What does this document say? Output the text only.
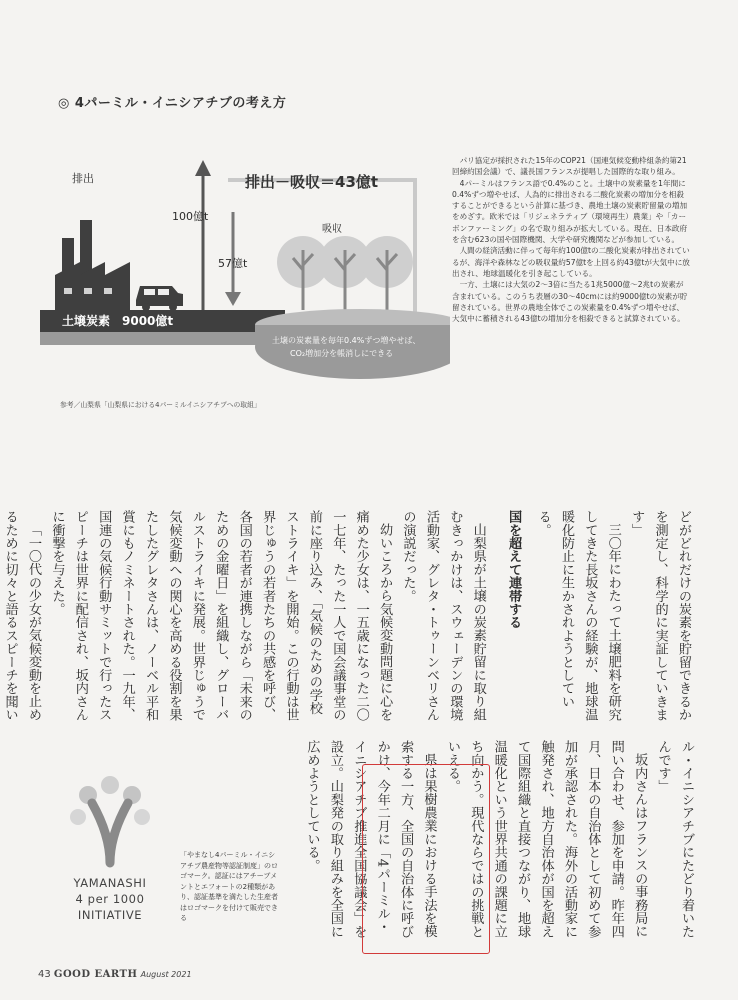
◎ 4パーミル・イニシアチブの考え方
排出
吸収
100億t
57億t
排出－吸収＝43億t
土壌炭素　9000億t
土壌の炭素量を毎年0.4%ずつ増やせば、
CO₂増加分を帳消しにできる
参考／山梨県「山梨県における4パーミルイニシアチブへの取組」

パリ協定が採択された15年のCOP21（国連気候変動枠組条約第21回締約国会議）で、議長国フランスが提唱した国際的な取り組み。

4パーミルはフランス語で0.4%のこと。土壌中の炭素量を1年間に0.4%ずつ増やせば、人為的に排出される二酸化炭素の増加分を相殺することができるという計算に基づき、農地土壌の炭素貯留量の増加をめざす。欧米では「リジェネラティブ（環境再生）農業」や「カーボンファーミング」の名で取り組みが拡大している。現在、日本政府を含む623の国や国際機関、大学や研究機関などが参加している。

人間の経済活動に伴って毎年約100億tの二酸化炭素が排出されているが、海洋や森林などの吸収量約57億tを上回る約43億tが大気中に放出され、地球温暖化を引き起こしている。

一方、土壌には大気の2～3倍に当たる1兆5000億～2兆tの炭素が含まれている。このうち表層の30～40cmには約9000億tの炭素が貯留されている。世界の農地全体でこの炭素量を0.4%ずつ増やせば、大気中に蓄積される43億tの増加分を相殺できると試算されている。

どがどれだけの炭素を貯留できるかを測定し、科学的に実証していきます」

三〇年にわたって土壌肥料を研究してきた長坂さんの経験が、地球温暖化防止に生かされようとしている。

国を超えて連帯する

山梨県が土壌の炭素貯留に取り組むきっかけは、スウェーデンの環境活動家、グレタ・トゥーンベリさんの演説だった。

幼いころから気候変動問題に心を痛めた少女は、一五歳になった二〇一七年、たった一人で国会議事堂の前に座り込み、「気候のための学校ストライキ」を開始。この行動は世界じゅうの若者たちの共感を呼び、各国の若者が連携しながら「未来のための金曜日」を組織し、グローバルストライキに発展。世界じゅうで気候変動への関心を高める役割を果たしたグレタさんは、ノーベル平和賞にもノミネートされた。一九年、国連の気候行動サミットで行ったスピーチは世界に配信され、坂内さんに衝撃を与えた。

「一〇代の少女が気候変動を止めるために切々と語るスピーチを聞い

ル・イニシアチブにたどり着いたんです」

坂内さんはフランスの事務局に問い合わせ、参加を申請。昨年四月、日本の自治体として初めて参加が承認された。海外の活動家に触発され、地方自治体が国を超えて国際組織と直接つながり、地球温暖化という世界共通の課題に立ち向かう。現代ならではの挑戦といえる。

県は果樹農業における手法を模索する一方、全国の自治体に呼びかけ、今年二月に「4パーミル・イニシアチブ推進全国協議会」を設立。山梨発の取り組みを全国に広めようとしている。

YAMANASHI
4 per 1000
INITIATIVE
「やまなし4パーミル・イニシアチブ農産物等認証制度」のロゴマーク。認証にはアチーブメントとエフォートの2種類があり、認証基準を満たした生産者はロゴマークを付けて販売できる
43 GOOD EARTH August 2021
